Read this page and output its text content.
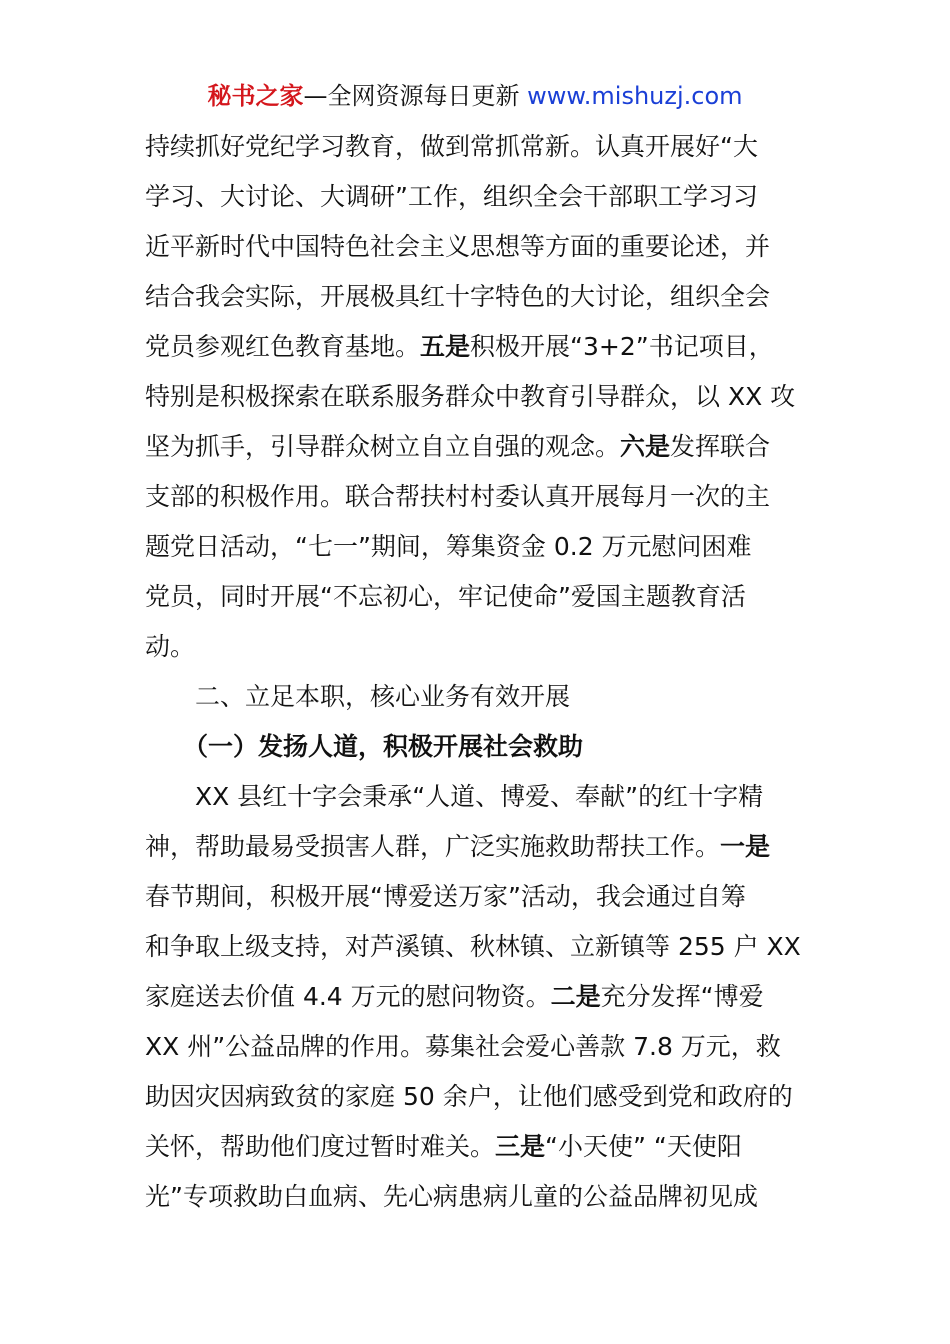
秘书之家—全网资源每日更新 www.mishuzj.com
持续抓好党纪学习教育，做到常抓常新。认真开展好“大
学习、大讨论、大调研”工作，组织全会干部职工学习习
近平新时代中国特色社会主义思想等方面的重要论述，并
结合我会实际，开展极具红十字特色的大讨论，组织全会
党员参观红色教育基地。五是积极开展“3+2”书记项目，
特别是积极探索在联系服务群众中教育引导群众，以 XX 攻
坚为抓手，引导群众树立自立自强的观念。六是发挥联合
支部的积极作用。联合帮扶村村委认真开展每月一次的主
题党日活动，“七一”期间，筹集资金 0.2 万元慰问困难
党员，同时开展“不忘初心，牢记使命”爱国主题教育活
动。
二、立足本职，核心业务有效开展
（一）发扬人道，积极开展社会救助
XX 县红十字会秉承“人道、博爱、奉献”的红十字精
神，帮助最易受损害人群，广泛实施救助帮扶工作。一是
春节期间，积极开展“博爱送万家”活动，我会通过自筹
和争取上级支持，对芦溪镇、秋林镇、立新镇等 255 户 XX
家庭送去价值 4.4 万元的慰问物资。二是充分发挥“博爱
XX 州”公益品牌的作用。募集社会爱心善款 7.8 万元，救
助因灾因病致贫的家庭 50 余户，让他们感受到党和政府的
关怀，帮助他们度过暂时难关。三是“小天使” “天使阳
光”专项救助白血病、先心病患病儿童的公益品牌初见成
